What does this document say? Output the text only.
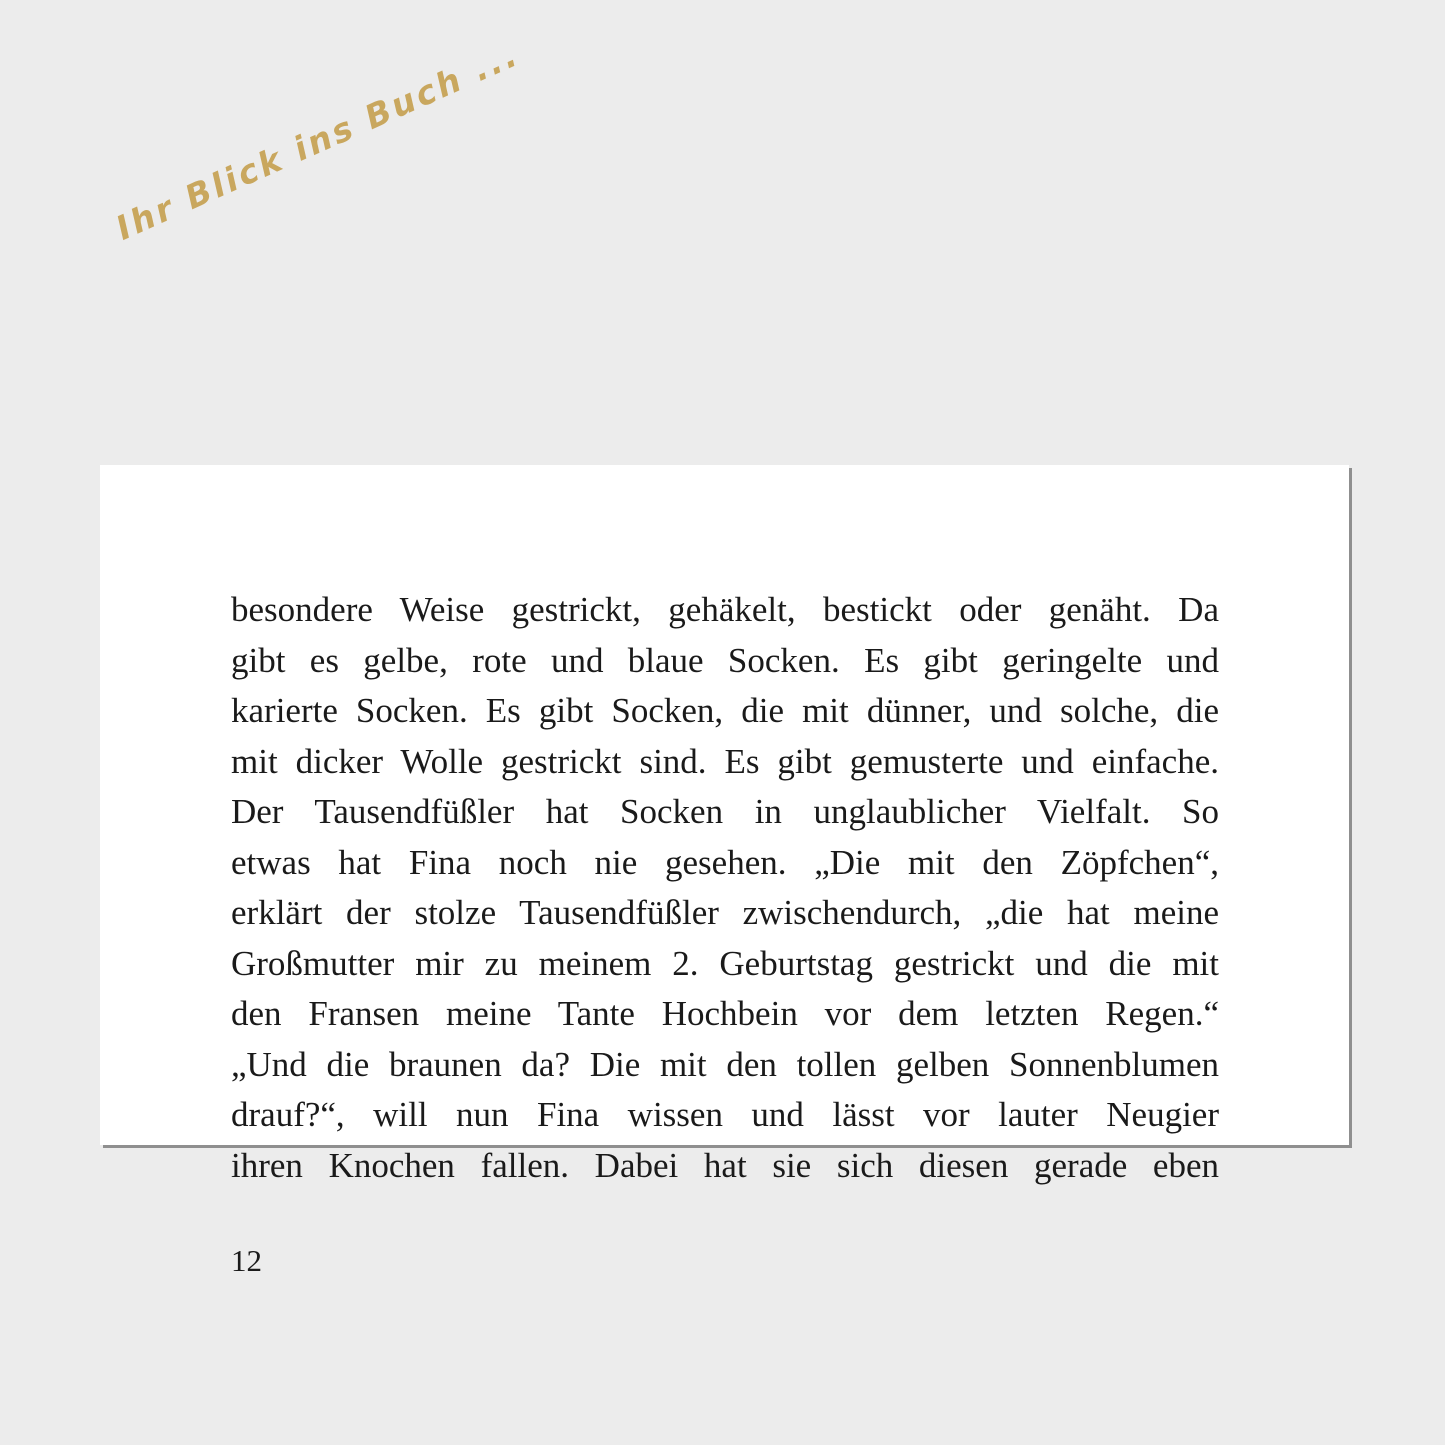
Ihr Blick ins Buch ...
besondere Weise gestrickt, gehäkelt, bestickt oder genäht. Da
gibt es gelbe, rote und blaue Socken. Es gibt geringelte und
karierte Socken. Es gibt Socken, die mit dünner, und solche, die
mit dicker Wolle gestrickt sind. Es gibt gemusterte und einfache.
Der Tausendfüßler hat Socken in unglaublicher Vielfalt. So
etwas hat Fina noch nie gesehen. „Die mit den Zöpfchen“,
erklärt der stolze Tausendfüßler zwischendurch, „die hat meine
Großmutter mir zu meinem 2. Geburtstag gestrickt und die mit
den Fransen meine Tante Hochbein vor dem letzten Regen.“
„Und die braunen da? Die mit den tollen gelben Sonnenblumen
drauf?“, will nun Fina wissen und lässt vor lauter Neugier
ihren Knochen fallen. Dabei hat sie sich diesen gerade eben
12
